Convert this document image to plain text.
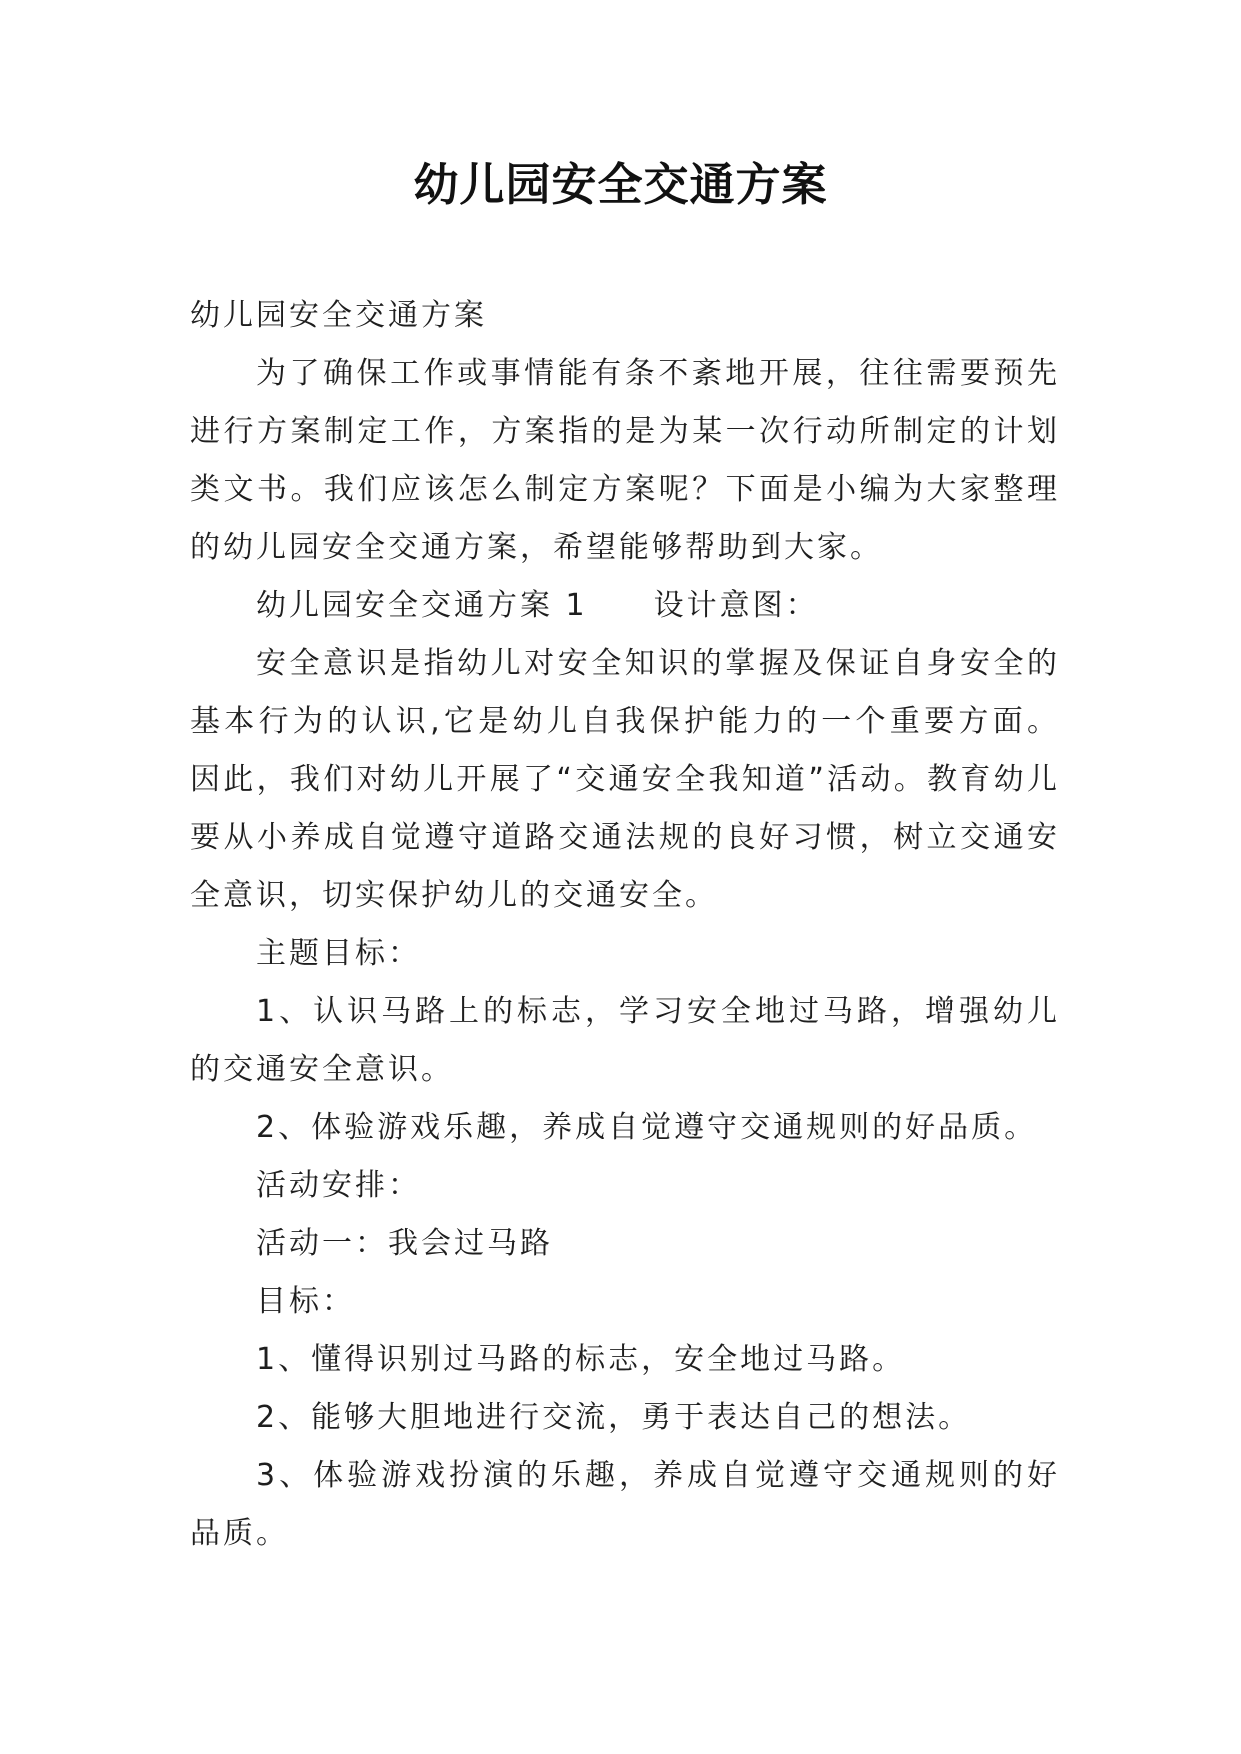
幼儿园安全交通方案

幼儿园安全交通方案

为了确保工作或事情能有条不紊地开展，往往需要预先进行方案制定工作，方案指的是为某一次行动所制定的计划类文书。我们应该怎么制定方案呢？下面是小编为大家整理的幼儿园安全交通方案，希望能够帮助到大家。

幼儿园安全交通方案 1　　设计意图：

安全意识是指幼儿对安全知识的掌握及保证自身安全的基本行为的认识,它是幼儿自我保护能力的一个重要方面。因此，我们对幼儿开展了“交通安全我知道”活动。教育幼儿要从小养成自觉遵守道路交通法规的良好习惯，树立交通安全意识，切实保护幼儿的交通安全。

主题目标：

1、认识马路上的标志，学习安全地过马路，增强幼儿的交通安全意识。

2、体验游戏乐趣，养成自觉遵守交通规则的好品质。

活动安排：

活动一：我会过马路

目标：

1、懂得识别过马路的标志，安全地过马路。

2、能够大胆地进行交流，勇于表达自己的想法。

3、体验游戏扮演的乐趣，养成自觉遵守交通规则的好品质。
